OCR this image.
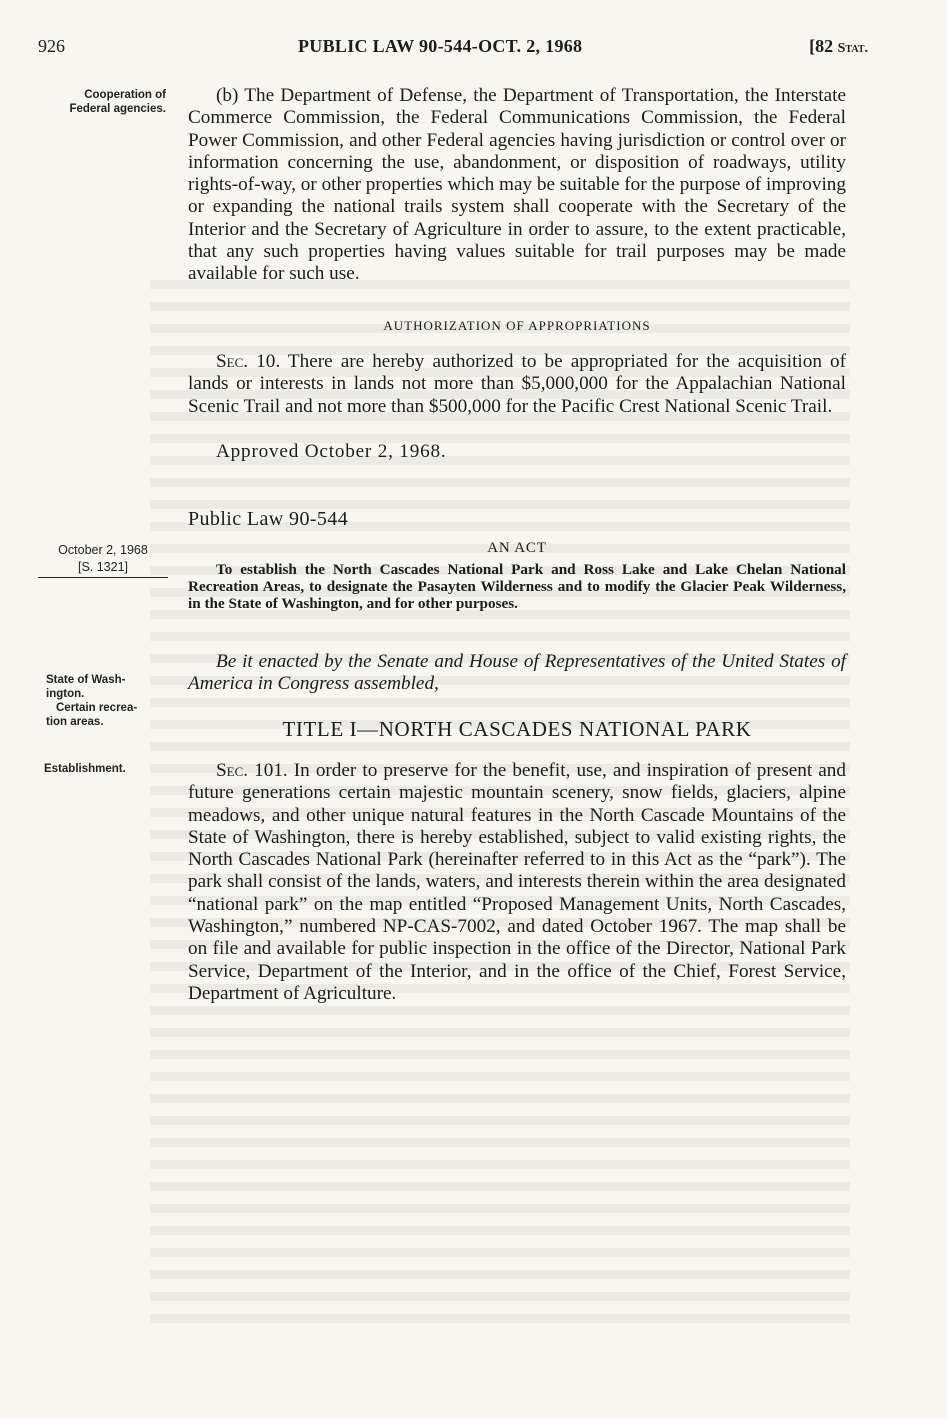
926	PUBLIC LAW 90-544-OCT. 2, 1968	[82 Stat.
Cooperation of
Federal agencies.
October 2, 1968
[S. 1321]
State of Wash-
ington.
Certain recrea-
tion areas.
Establishment.

(b) The Department of Defense, the Department of Transportation, the Interstate Commerce Commission, the Federal Communications Commission, the Federal Power Commission, and other Federal agencies having jurisdiction or control over or information concerning the use, abandonment, or disposition of roadways, utility rights-of-way, or other properties which may be suitable for the purpose of improving or expanding the national trails system shall cooperate with the Secretary of the Interior and the Secretary of Agriculture in order to assure, to the extent practicable, that any such properties having values suitable for trail purposes may be made available for such use.

AUTHORIZATION OF APPROPRIATIONS

Sec. 10. There are hereby authorized to be appropriated for the acquisition of lands or interests in lands not more than $5,000,000 for the Appalachian National Scenic Trail and not more than $500,000 for the Pacific Crest National Scenic Trail.

Approved October 2, 1968.

Public Law 90-544

AN ACT

To establish the North Cascades National Park and Ross Lake and Lake Chelan National Recreation Areas, to designate the Pasayten Wilderness and to modify the Glacier Peak Wilderness, in the State of Washington, and for other purposes.

Be it enacted by the Senate and House of Representatives of the United States of America in Congress assembled,

TITLE I—NORTH CASCADES NATIONAL PARK

Sec. 101. In order to preserve for the benefit, use, and inspiration of present and future generations certain majestic mountain scenery, snow fields, glaciers, alpine meadows, and other unique natural features in the North Cascade Mountains of the State of Washington, there is hereby established, subject to valid existing rights, the North Cascades National Park (hereinafter referred to in this Act as the “park”). The park shall consist of the lands, waters, and interests therein within the area designated “national park” on the map entitled “Proposed Management Units, North Cascades, Washington,” numbered NP-CAS-7002, and dated October 1967. The map shall be on file and available for public inspection in the office of the Director, National Park Service, Department of the Interior, and in the office of the Chief, Forest Service, Department of Agriculture.
